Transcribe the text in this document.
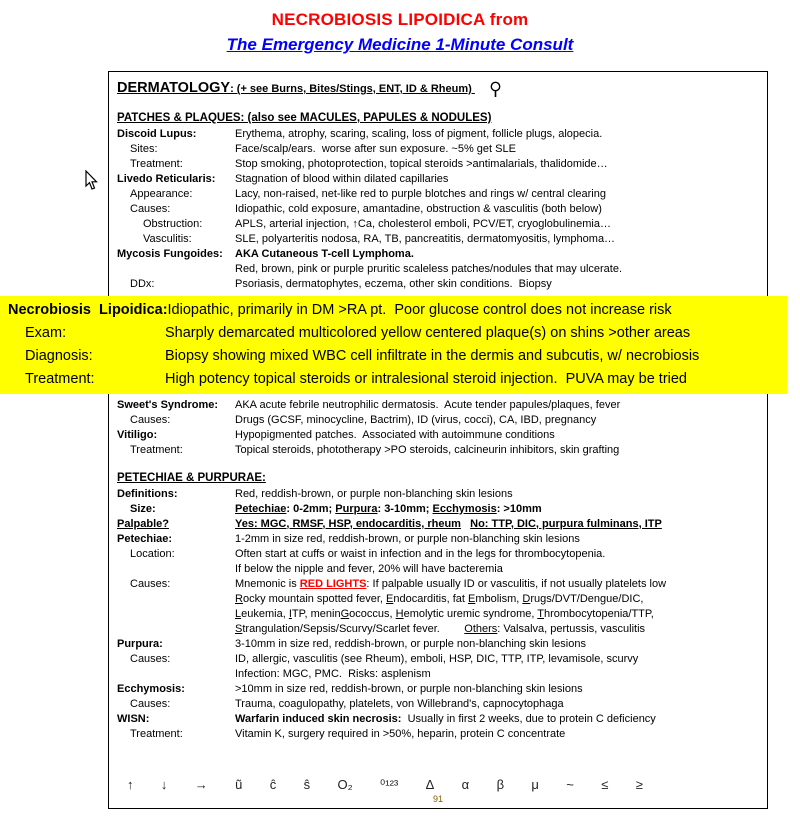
NECROBIOSIS LIPOIDICA from
The Emergency Medicine 1-Minute Consult
DERMATOLOGY: (+ see Burns, Bites/Stings, ENT, ID & Rheum)
PATCHES & PLAQUES: (also see MACULES, PAPULES & NODULES)
Discoid Lupus:	Erythema, atrophy, scaring, scaling, loss of pigment, follicle plugs, alopecia.
Sites:	Face/scalp/ears.  worse after sun exposure. ~5% get SLE
Treatment:	Stop smoking, photoprotection, topical steroids >antimalarials, thalidomide…
Livedo Reticularis:	Stagnation of blood within dilated capillaries
Appearance:	Lacy, non-raised, net-like red to purple blotches and rings w/ central clearing
Causes:	Idiopathic, cold exposure, amantadine, obstruction & vasculitis (both below)
Obstruction:	APLS, arterial injection, ↑Ca, cholesterol emboli, PCV/ET, cryoglobulinemia…
Vasculitis:	SLE, polyarteritis nodosa, RA, TB, pancreatitis, dermatomyositis, lymphoma…
Mycosis Fungoides:	AKA Cutaneous T-cell Lymphoma.
Red, brown, pink or purple pruritic scaleless patches/nodules that may ulcerate.
DDx:	Psoriasis, dermatophytes, eczema, other skin conditions.  Biopsy
Necrobiosis  Lipoidica: Idiopathic, primarily in DM >RA pt.  Poor glucose control does not increase risk
Exam:	Sharply demarcated multicolored yellow centered plaque(s) on shins >other areas
Diagnosis:	Biopsy showing mixed WBC cell infiltrate in the dermis and subcutis, w/ necrobiosis
Treatment:	High potency topical steroids or intralesional steroid injection.  PUVA may be tried
Sweet's Syndrome:	AKA acute febrile neutrophilic dermatosis.  Acute tender papules/plaques, fever
Causes:	Drugs (GCSF, minocycline, Bactrim), ID (virus, cocci), CA, IBD, pregnancy
Vitiligo:	Hypopigmented patches.  Associated with autoimmune conditions
Treatment:	Topical steroids, phototherapy >PO steroids, calcineurin inhibitors, skin grafting
PETECHIAE & PURPURAE:
Definitions:	Red, reddish-brown, or purple non-blanching skin lesions
Size:	Petechiae: 0-2mm; Purpura: 3-10mm; Ecchymosis: >10mm
Palpable?	Yes: MGC, RMSF, HSP, endocarditis, rheum No: TTP, DIC, purpura fulminans, ITP
Petechiae:	1-2mm in size red, reddish-brown, or purple non-blanching skin lesions
Location:	Often start at cuffs or waist in infection and in the legs for thrombocytopenia.
If below the nipple and fever, 20% will have bacteremia
Causes:	Mnemonic is RED LIGHTS: If palpable usually ID or vasculitis, if not usually platelets low
Rocky mountain spotted fever, Endocarditis, fat Embolism, Drugs/DVT/Dengue/DIC,
Leukemia, ITP, meninGococcus, Hemolytic uremic syndrome, Thrombocytopenia/TTP,
Strangulation/Sepsis/Scurvy/Scarlet fever.        Others: Valsalva, pertussis, vasculitis
Purpura:	3-10mm in size red, reddish-brown, or purple non-blanching skin lesions
Causes:	ID, allergic, vasculitis (see Rheum), emboli, HSP, DIC, TTP, ITP, levamisole, scurvy
Infection: MGC, PMC.  Risks: asplenism
Ecchymosis:	>10mm in size red, reddish-brown, or purple non-blanching skin lesions
Causes:	Trauma, coagulopathy, platelets, von Willebrand's, capnocytophaga
WISN:	Warfarin induced skin necrosis:  Usually in first 2 weeks, due to protein C deficiency
Treatment:	Vitamin K, surgery required in >50%, heparin, protein C concentrate
↑ ↓ → ũ ĉ ŝ O₂ ⁰¹²³ Δ α β μ ~ ≤ ≥
91
